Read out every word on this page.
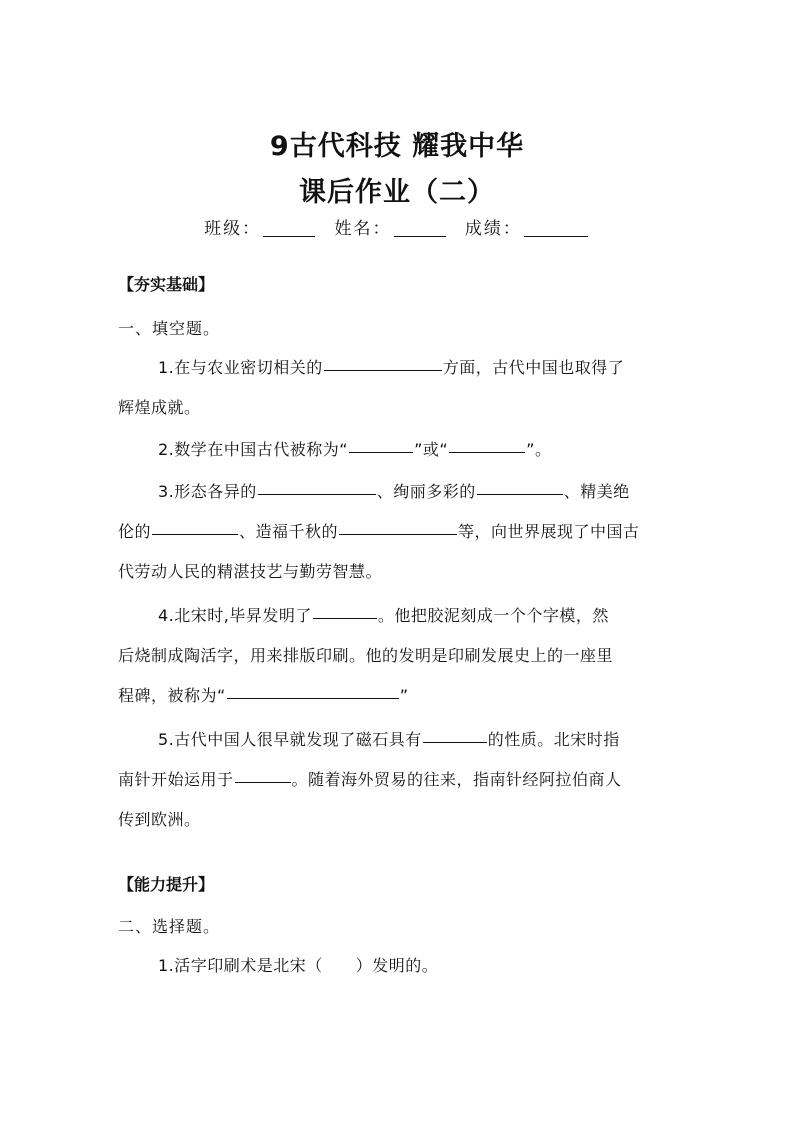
9古代科技 耀我中华
课后作业（二）
班级：	姓名：	成绩：
【夯实基础】
一、填空题。

1.在与农业密切相关的	方面，古代中国也取得了

辉煌成就。

2.数学在中国古代被称为“	”或“	”。

3.形态各异的	、绚丽多彩的	、精美绝

伦的	、造福千秋的	等，向世界展现了中国古

代劳动人民的精湛技艺与勤劳智慧。

4.北宋时,毕昇发明了	。他把胶泥刻成一个个字模，然

后烧制成陶活字，用来排版印刷。他的发明是印刷发展史上的一座里

程碑，被称为“	”

5.古代中国人很早就发现了磁石具有	的性质。北宋时指

南针开始运用于	。随着海外贸易的往来，指南针经阿拉伯商人

传到欧洲。

【能力提升】
二、选择题。

1.活字印刷术是北宋（　　）发明的。
